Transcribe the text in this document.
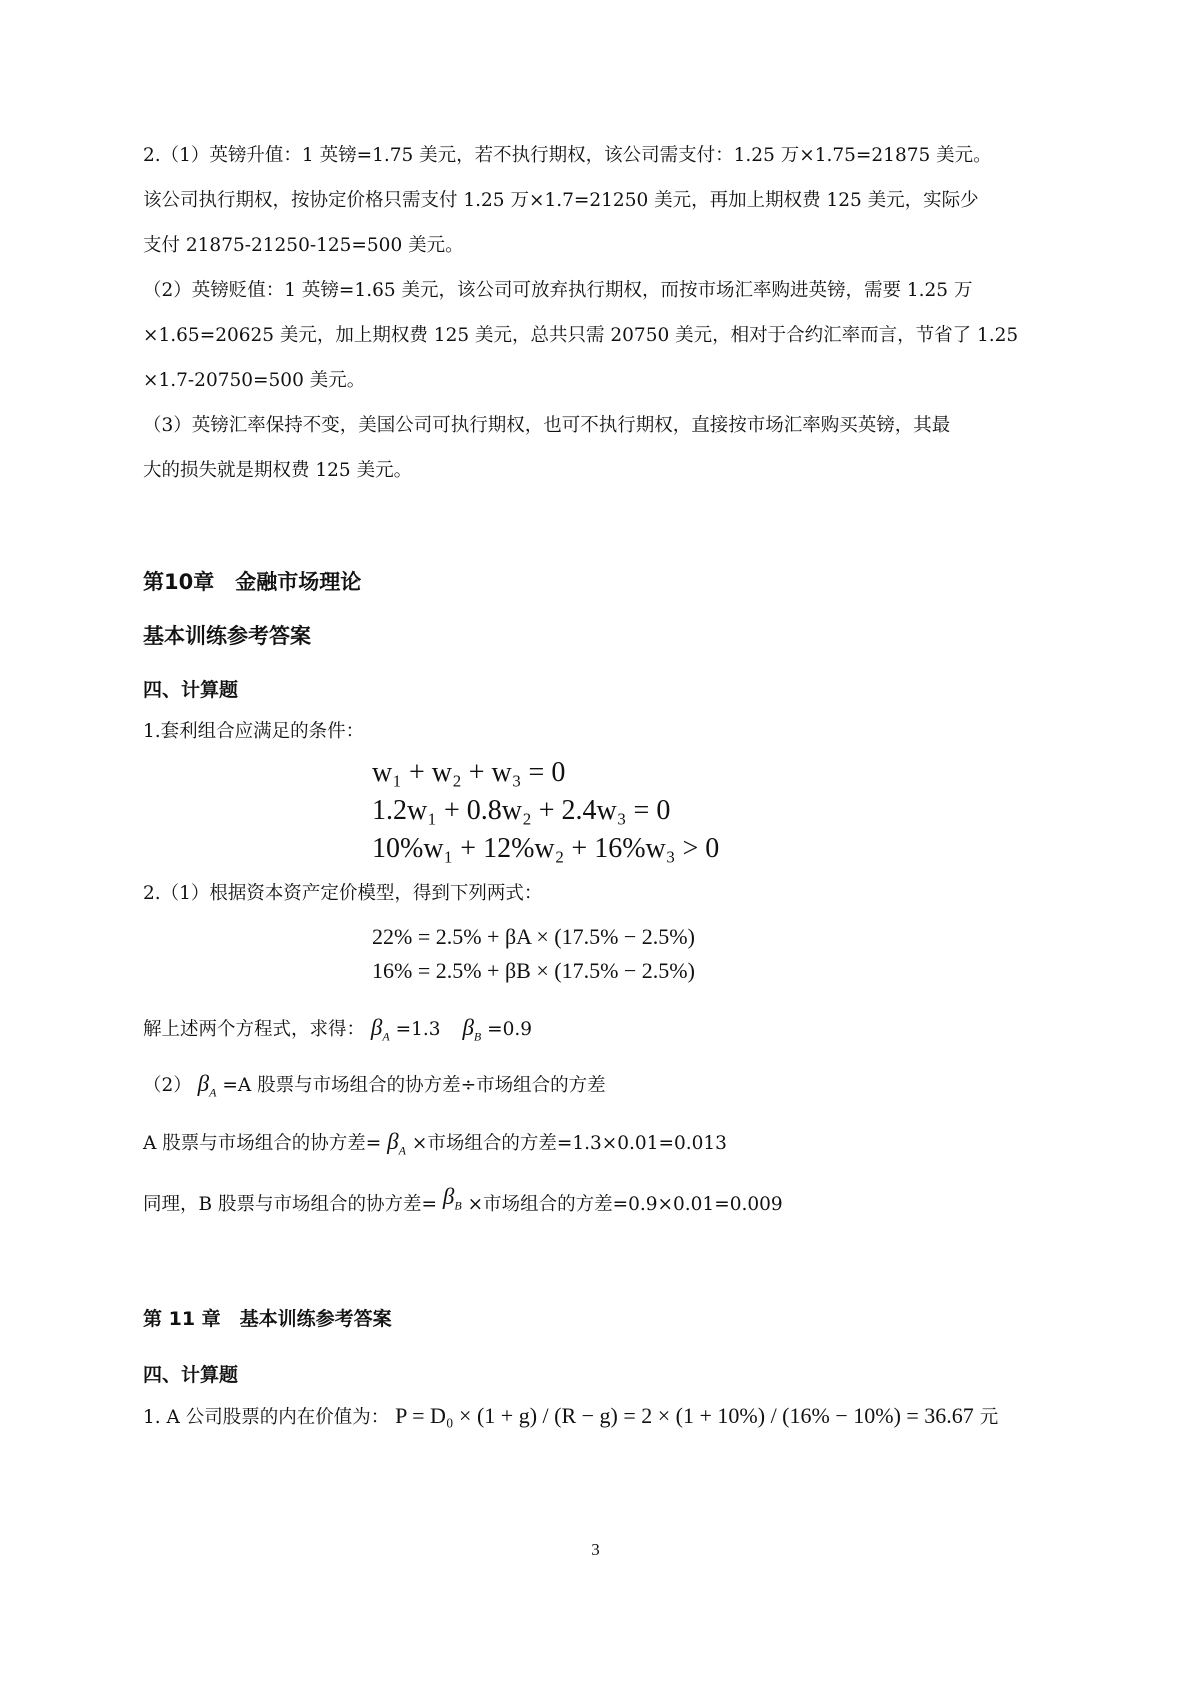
2.（1）英镑升值：1 英镑=1.75 美元，若不执行期权，该公司需支付：1.25 万×1.75=21875 美元。
该公司执行期权，按协定价格只需支付 1.25 万×1.7=21250 美元，再加上期权费 125 美元，实际少
支付 21875-21250-125=500 美元。
（2）英镑贬值：1 英镑=1.65 美元，该公司可放弃执行期权，而按市场汇率购进英镑，需要 1.25 万
×1.65=20625 美元，加上期权费 125 美元，总共只需 20750 美元，相对于合约汇率而言，节省了 1.25
×1.7-20750=500 美元。
（3）英镑汇率保持不变，美国公司可执行期权，也可不执行期权，直接按市场汇率购买英镑，其最
大的损失就是期权费 125 美元。
第10章　金融市场理论
基本训练参考答案
四、计算题
1.套利组合应满足的条件：
w₁ + w₂ + w₃ = 0
1.2w₁ + 0.8w₂ + 2.4w₃ = 0
10%w₁ + 12%w₂ + 16%w₃ > 0
2.（1）根据资本资产定价模型，得到下列两式：
22% = 2.5% + βA × (17.5% − 2.5%)
16% = 2.5% + βB × (17.5% − 2.5%)
解上述两个方程式，求得： $\beta_A =1.3$ $\beta_B =0.9$
（2） $\beta_A =A$ 股票与市场组合的协方差÷市场组合的方差
A 股票与市场组合的协方差= $\beta_A$ ×市场组合的方差=1.3×0.01=0.013
同理，B 股票与市场组合的协方差= $\beta_B$ ×市场组合的方差=0.9×0.01=0.009
第 11 章　基本训练参考答案
四、计算题
1. A 公司股票的内在价值为： P = D₀ × (1 + g) / (R − g) = 2 × (1 + 10%) / (16% − 10%) = 36.67 元
3
